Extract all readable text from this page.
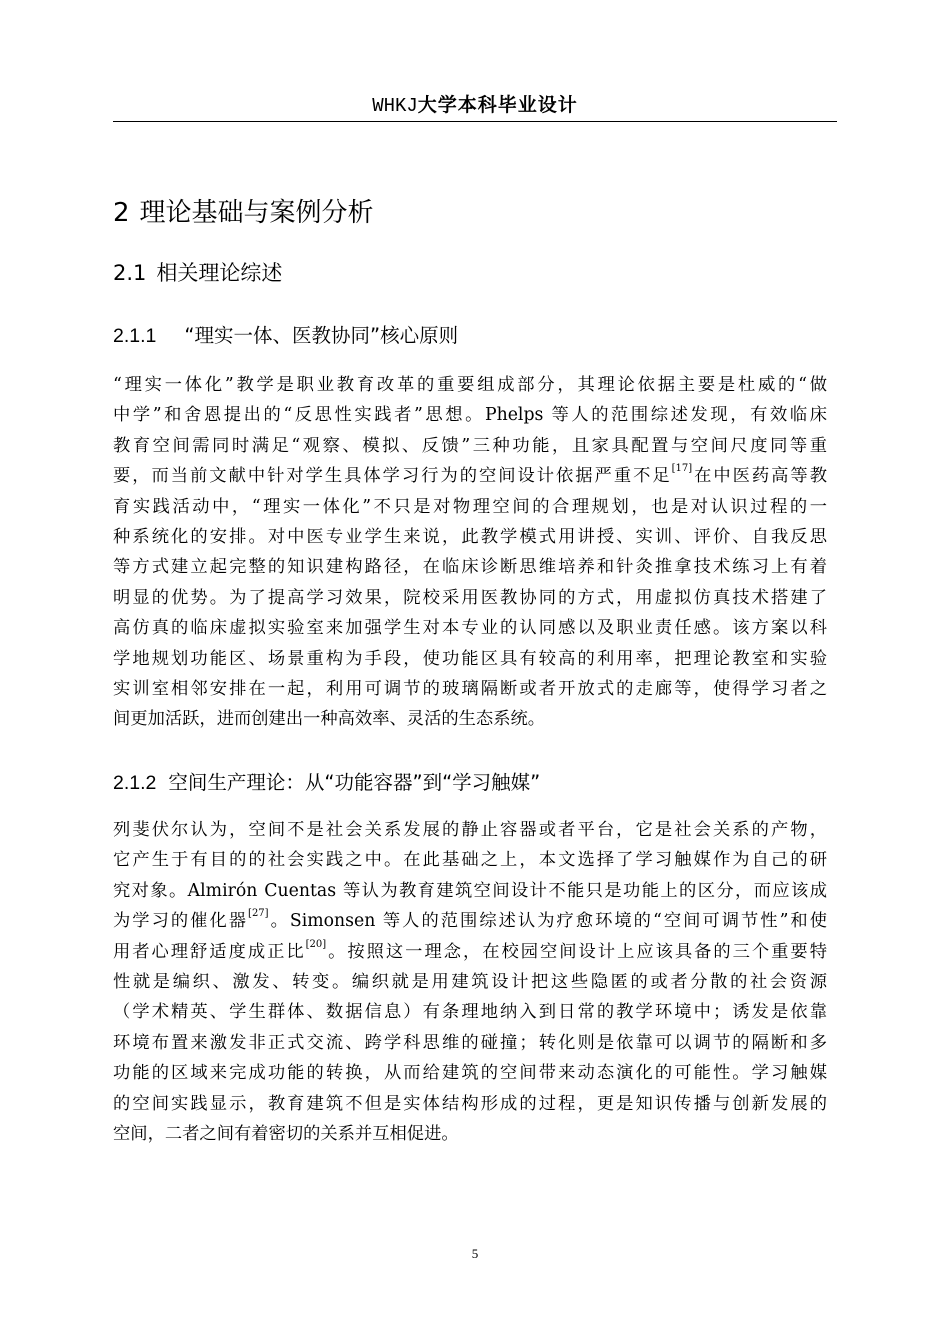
WHKJ大学本科毕业设计
2 理论基础与案例分析
2.1 相关理论综述
2.1.1 “理实一体、医教协同”核心原则
“理实一体化”教学是职业教育改革的重要组成部分，其理论依据主要是杜威的“做
中学”和舍恩提出的“反思性实践者”思想。Phelps 等人的范围综述发现，有效临床
教育空间需同时满足“观察、模拟、反馈”三种功能，且家具配置与空间尺度同等重
要，而当前文献中针对学生具体学习行为的空间设计依据严重不足[17]在中医药高等教
育实践活动中，“理实一体化”不只是对物理空间的合理规划，也是对认识过程的一
种系统化的安排。对中医专业学生来说，此教学模式用讲授、实训、评价、自我反思
等方式建立起完整的知识建构路径，在临床诊断思维培养和针灸推拿技术练习上有着
明显的优势。为了提高学习效果，院校采用医教协同的方式，用虚拟仿真技术搭建了
高仿真的临床虚拟实验室来加强学生对本专业的认同感以及职业责任感。该方案以科
学地规划功能区、场景重构为手段，使功能区具有较高的利用率，把理论教室和实验
实训室相邻安排在一起，利用可调节的玻璃隔断或者开放式的走廊等，使得学习者之
间更加活跃，进而创建出一种高效率、灵活的生态系统。
2.1.2 空间生产理论：从“功能容器”到“学习触媒”
列斐伏尔认为，空间不是社会关系发展的静止容器或者平台，它是社会关系的产物，
它产生于有目的的社会实践之中。在此基础之上，本文选择了学习触媒作为自己的研
究对象。Almirón Cuentas 等认为教育建筑空间设计不能只是功能上的区分，而应该成
为学习的催化器[27]。Simonsen 等人的范围综述认为疗愈环境的“空间可调节性”和使
用者心理舒适度成正比[20]。按照这一理念，在校园空间设计上应该具备的三个重要特
性就是编织、激发、转变。编织就是用建筑设计把这些隐匿的或者分散的社会资源
（学术精英、学生群体、数据信息）有条理地纳入到日常的教学环境中；诱发是依靠
环境布置来激发非正式交流、跨学科思维的碰撞；转化则是依靠可以调节的隔断和多
功能的区域来完成功能的转换，从而给建筑的空间带来动态演化的可能性。学习触媒
的空间实践显示，教育建筑不但是实体结构形成的过程，更是知识传播与创新发展的
空间，二者之间有着密切的关系并互相促进。
5
